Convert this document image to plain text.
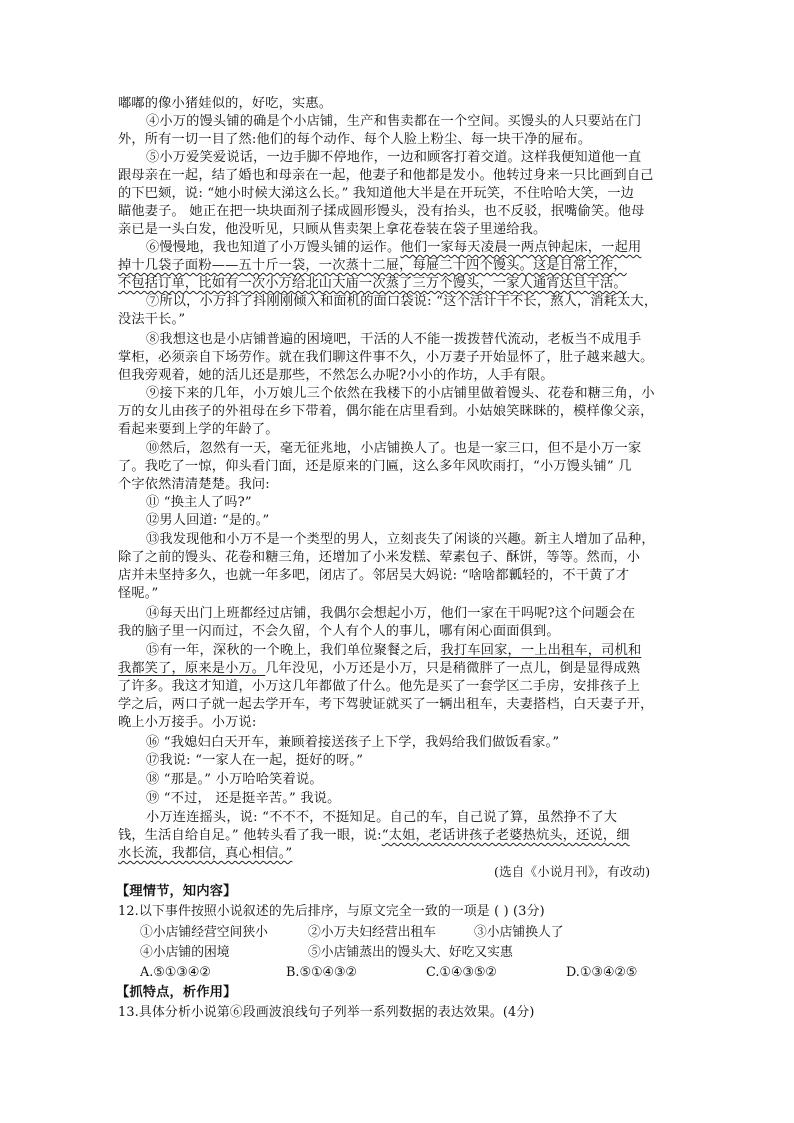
嘟嘟的像小猪娃似的，好吃，实惠。
④小万的馒头铺的确是个小店铺，生产和售卖都在一个空间。买馒头的人只要站在门
外，所有一切一目了然:他们的每个动作、每个人脸上粉尘、每一块干净的屉布。
⑤小万爱笑爱说话，一边手脚不停地作，一边和顾客打着交道。这样我便知道他一直
跟母亲在一起，结了婚也和母亲在一起，他妻子和他都是发小。他转过身来一只比画到自己
的下巴颏，说: “她小时候大涕这么长。” 我知道他大半是在开玩笑，不住哈哈大笑，一边
瞄他妻子。 她正在把一块块面剂子揉成圆形馒头，没有抬头，也不反驳，抿嘴偷笑。他母
亲已是一头白发，他没听见，只顾从售卖架上拿花卷装在袋子里递给我。
⑥慢慢地，我也知道了小万馒头铺的运作。他们一家每天凌晨一两点钟起床，一起用
掉十几袋子面粉——五十斤一袋，一次蒸十二屉，每屉二十四个馒头。这是日常工作，
不包括订单，比如有一次小万给北山大庙一次蒸了三万个馒头，一家人通宵达旦干活。
⑦所以，小万抖了抖刚刚倾入和面机的面口袋说: “这个活计干不长，熬人，消耗太大，
没法干长。”
⑧我想这也是小店铺普遍的困境吧，干活的人不能一拨拨替代流动，老板当不成甩手
掌柜，必须亲自下场劳作。就在我们聊这件事不久，小万妻子开始显怀了，肚子越来越大。
但我旁观着，她的活儿还是那些，不然怎么办呢?小小的作坊，人手有限。
⑨接下来的几年，小万娘儿三个依然在我楼下的小店铺里做着馒头、花卷和糖三角，小
万的女儿由孩子的外祖母在乡下带着，偶尔能在店里看到。小姑娘笑眯眯的，模样像父亲，
看起来要到上学的年龄了。
⑩然后，忽然有一天，毫无征兆地，小店铺换人了。也是一家三口，但不是小万一家
了。我吃了一惊，仰头看门面，还是原来的门匾，这么多年风吹雨打，“小万馒头铺” 几
个字依然清清楚楚。我问:
⑪ “换主人了吗?”
⑫男人回道: “是的。”
⑬我发现他和小万不是一个类型的男人，立刻丧失了闲谈的兴趣。新主人增加了品种，
除了之前的馒头、花卷和糖三角，还增加了小米发糕、荤素包子、酥饼，等等。然而，小
店并未坚持多久，也就一年多吧，闭店了。邻居吴大妈说: “啥啥都瓤轻的，不干黄了才
怪呢。”
⑭每天出门上班都经过店铺，我偶尔会想起小万，他们一家在干吗呢?这个问题会在
我的脑子里一闪而过，不会久留，个人有个人的事儿，哪有闲心面面俱到。
⑮有一年，深秋的一个晚上，我们单位聚餐之后，我打车回家，一上出租车，司机和
我都笑了，原来是小万。几年没见，小万还是小万，只是稍微胖了一点儿，倒是显得成熟
了许多。我这才知道，小万这几年都做了什么。他先是买了一套学区二手房，安排孩子上
学之后，两口子就一起去学开车，考下驾驶证就买了一辆出租车，夫妻搭档，白天妻子开，
晚上小万接手。小万说:
⑯ “我媳妇白天开车，兼顾着接送孩子上下学，我妈给我们做饭看家。”
⑰我说: “一家人在一起，挺好的呀。”
⑱ “那是。” 小万哈哈笑着说。
⑲ “不过， 还是挺辛苦。” 我说。
小万连连摇头，说: “不不不，不挺知足。自己的车，自己说了算，虽然挣不了大
钱，生活自给自足。” 他转头看了我一眼，说:“太姐，老话讲孩子老婆热炕头，还说，细
水长流，我都信，真心相信。”
(选自《小说月刊》，有改动)
【理情节，知内容】
12.以下事件按照小说叙述的先后排序，与原文完全一致的一项是 ( ) (3分)
①小店铺经营空间狭小	②小万夫妇经营出租车	③小店铺换人了
④小店铺的困境	⑤小店铺蒸出的馒头大、好吃又实惠
A.⑤①③④②	B.⑤①④③②	C.①④③⑤②	D.①③④②⑤
【抓特点，析作用】
13.具体分析小说第⑥段画波浪线句子列举一系列数据的表达效果。(4分)
